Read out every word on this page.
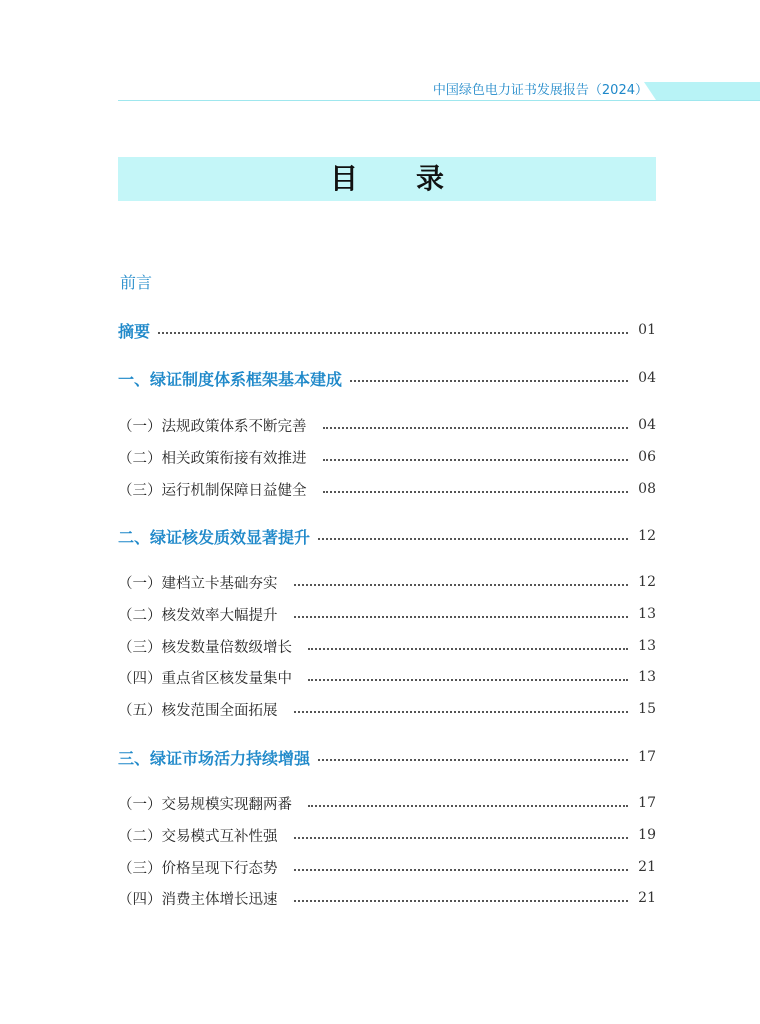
中国绿色电力证书发展报告（2024）
目 录
前言
摘要	01
一、绿证制度体系框架基本建成	04
（一）法规政策体系不断完善	04
（二）相关政策衔接有效推进	06
（三）运行机制保障日益健全	08
二、绿证核发质效显著提升	12
（一）建档立卡基础夯实	12
（二）核发效率大幅提升	13
（三）核发数量倍数级增长	13
（四）重点省区核发量集中	13
（五）核发范围全面拓展	15
三、绿证市场活力持续增强	17
（一）交易规模实现翻两番	17
（二）交易模式互补性强	19
（三）价格呈现下行态势	21
（四）消费主体增长迅速	21
